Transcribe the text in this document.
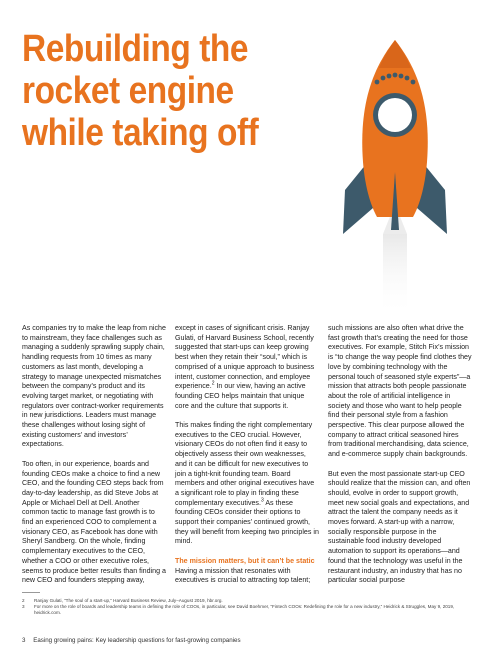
Rebuilding the
rocket engine
while taking off

As companies try to make the leap from niche to mainstream, they face challenges such as managing a suddenly sprawling supply chain, handling requests from 10 times as many customers as last month, developing a strategy to manage unexpected mismatches between the company’s product and its evolving target market, or negotiating with regulators over contract-worker requirements in new jurisdictions. Leaders must manage these challenges without losing sight of existing customers’ and investors’ expectations.

Too often, in our experience, boards and founding CEOs make a choice to find a new CEO, and the founding CEO steps back from day-to-day leadership, as did Steve Jobs at Apple or Michael Dell at Dell. Another common tactic to manage fast growth is to find an experienced COO to complement a visionary CEO, as Facebook has done with Sheryl Sandberg. On the whole, finding complementary executives to the CEO, whether a COO or other executive roles, seems to produce better results than finding a new CEO and founders stepping away,

except in cases of significant crisis. Ranjay Gulati, of Harvard Business School, recently suggested that start-ups can keep growing best when they retain their “soul,” which is comprised of a unique approach to business intent, customer connection, and employee experience.$^2$ In our view, having an active founding CEO helps maintain that unique core and the culture that supports it.

This makes finding the right complementary executives to the CEO crucial. However, visionary CEOs do not often find it easy to objectively assess their own weaknesses, and it can be difficult for new executives to join a tight-knit founding team. Board members and other original executives have a significant role to play in finding these complementary executives.$^3$ As these founding CEOs consider their options to support their companies’ continued growth, they will benefit from keeping two principles in mind.

The mission matters, but it can’t be static
Having a mission that resonates with executives is crucial to attracting top talent;

such missions are also often what drive the fast growth that’s creating the need for those executives. For example, Stitch Fix’s mission is “to change the way people find clothes they love by combining technology with the personal touch of seasoned style experts”—a mission that attracts both people passionate about the role of artificial intelligence in society and those who want to help people find their personal style from a fashion perspective. This clear purpose allowed the company to attract critical seasoned hires from traditional merchandising, data science, and e-commerce supply chain backgrounds.

But even the most passionate start-up CEO should realize that the mission can, and often should, evolve in order to support growth, meet new social goals and expectations, and attract the talent the company needs as it moves forward. A start-up with a narrow, socially responsible purpose in the sustainable food industry developed automation to support its operations—and found that the technology was useful in the restaurant industry, an industry that has no particular social purpose

2	Ranjay Gulati, “The soul of a start-up,” Harvard Business Review, July–August 2019, hbr.org.
3	For more on the role of boards and leadership teams in defining the role of COOs, in particular, see David Boehmer, “Fintech COOs: Redefining the role for a new industry,” Heidrick & Struggles, May 9, 2019, heidrick.com.
3 Easing growing pains: Key leadership questions for fast-growing companies
